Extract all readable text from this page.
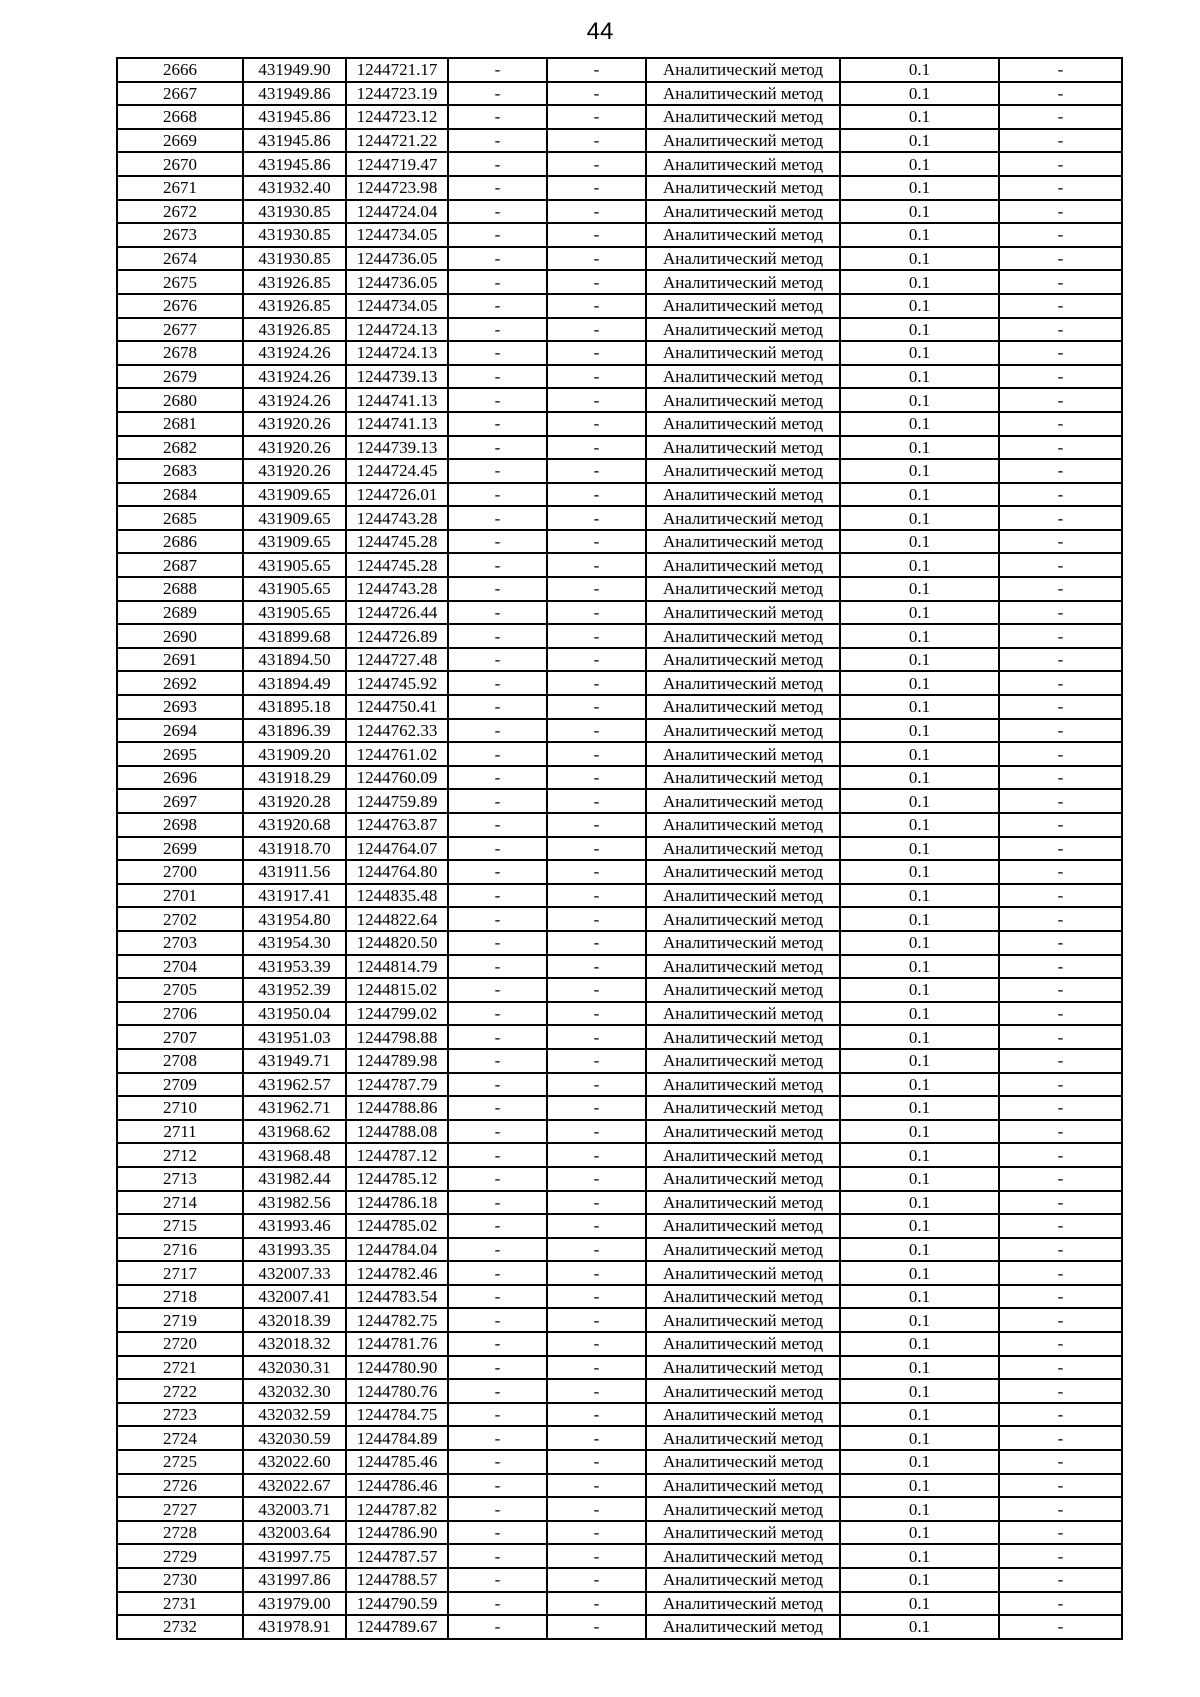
44
2666	431949.90	1244721.17	-	-	Аналитический метод	0.1	-
2667	431949.86	1244723.19	-	-	Аналитический метод	0.1	-
2668	431945.86	1244723.12	-	-	Аналитический метод	0.1	-
2669	431945.86	1244721.22	-	-	Аналитический метод	0.1	-
2670	431945.86	1244719.47	-	-	Аналитический метод	0.1	-
2671	431932.40	1244723.98	-	-	Аналитический метод	0.1	-
2672	431930.85	1244724.04	-	-	Аналитический метод	0.1	-
2673	431930.85	1244734.05	-	-	Аналитический метод	0.1	-
2674	431930.85	1244736.05	-	-	Аналитический метод	0.1	-
2675	431926.85	1244736.05	-	-	Аналитический метод	0.1	-
2676	431926.85	1244734.05	-	-	Аналитический метод	0.1	-
2677	431926.85	1244724.13	-	-	Аналитический метод	0.1	-
2678	431924.26	1244724.13	-	-	Аналитический метод	0.1	-
2679	431924.26	1244739.13	-	-	Аналитический метод	0.1	-
2680	431924.26	1244741.13	-	-	Аналитический метод	0.1	-
2681	431920.26	1244741.13	-	-	Аналитический метод	0.1	-
2682	431920.26	1244739.13	-	-	Аналитический метод	0.1	-
2683	431920.26	1244724.45	-	-	Аналитический метод	0.1	-
2684	431909.65	1244726.01	-	-	Аналитический метод	0.1	-
2685	431909.65	1244743.28	-	-	Аналитический метод	0.1	-
2686	431909.65	1244745.28	-	-	Аналитический метод	0.1	-
2687	431905.65	1244745.28	-	-	Аналитический метод	0.1	-
2688	431905.65	1244743.28	-	-	Аналитический метод	0.1	-
2689	431905.65	1244726.44	-	-	Аналитический метод	0.1	-
2690	431899.68	1244726.89	-	-	Аналитический метод	0.1	-
2691	431894.50	1244727.48	-	-	Аналитический метод	0.1	-
2692	431894.49	1244745.92	-	-	Аналитический метод	0.1	-
2693	431895.18	1244750.41	-	-	Аналитический метод	0.1	-
2694	431896.39	1244762.33	-	-	Аналитический метод	0.1	-
2695	431909.20	1244761.02	-	-	Аналитический метод	0.1	-
2696	431918.29	1244760.09	-	-	Аналитический метод	0.1	-
2697	431920.28	1244759.89	-	-	Аналитический метод	0.1	-
2698	431920.68	1244763.87	-	-	Аналитический метод	0.1	-
2699	431918.70	1244764.07	-	-	Аналитический метод	0.1	-
2700	431911.56	1244764.80	-	-	Аналитический метод	0.1	-
2701	431917.41	1244835.48	-	-	Аналитический метод	0.1	-
2702	431954.80	1244822.64	-	-	Аналитический метод	0.1	-
2703	431954.30	1244820.50	-	-	Аналитический метод	0.1	-
2704	431953.39	1244814.79	-	-	Аналитический метод	0.1	-
2705	431952.39	1244815.02	-	-	Аналитический метод	0.1	-
2706	431950.04	1244799.02	-	-	Аналитический метод	0.1	-
2707	431951.03	1244798.88	-	-	Аналитический метод	0.1	-
2708	431949.71	1244789.98	-	-	Аналитический метод	0.1	-
2709	431962.57	1244787.79	-	-	Аналитический метод	0.1	-
2710	431962.71	1244788.86	-	-	Аналитический метод	0.1	-
2711	431968.62	1244788.08	-	-	Аналитический метод	0.1	-
2712	431968.48	1244787.12	-	-	Аналитический метод	0.1	-
2713	431982.44	1244785.12	-	-	Аналитический метод	0.1	-
2714	431982.56	1244786.18	-	-	Аналитический метод	0.1	-
2715	431993.46	1244785.02	-	-	Аналитический метод	0.1	-
2716	431993.35	1244784.04	-	-	Аналитический метод	0.1	-
2717	432007.33	1244782.46	-	-	Аналитический метод	0.1	-
2718	432007.41	1244783.54	-	-	Аналитический метод	0.1	-
2719	432018.39	1244782.75	-	-	Аналитический метод	0.1	-
2720	432018.32	1244781.76	-	-	Аналитический метод	0.1	-
2721	432030.31	1244780.90	-	-	Аналитический метод	0.1	-
2722	432032.30	1244780.76	-	-	Аналитический метод	0.1	-
2723	432032.59	1244784.75	-	-	Аналитический метод	0.1	-
2724	432030.59	1244784.89	-	-	Аналитический метод	0.1	-
2725	432022.60	1244785.46	-	-	Аналитический метод	0.1	-
2726	432022.67	1244786.46	-	-	Аналитический метод	0.1	-
2727	432003.71	1244787.82	-	-	Аналитический метод	0.1	-
2728	432003.64	1244786.90	-	-	Аналитический метод	0.1	-
2729	431997.75	1244787.57	-	-	Аналитический метод	0.1	-
2730	431997.86	1244788.57	-	-	Аналитический метод	0.1	-
2731	431979.00	1244790.59	-	-	Аналитический метод	0.1	-
2732	431978.91	1244789.67	-	-	Аналитический метод	0.1	-
